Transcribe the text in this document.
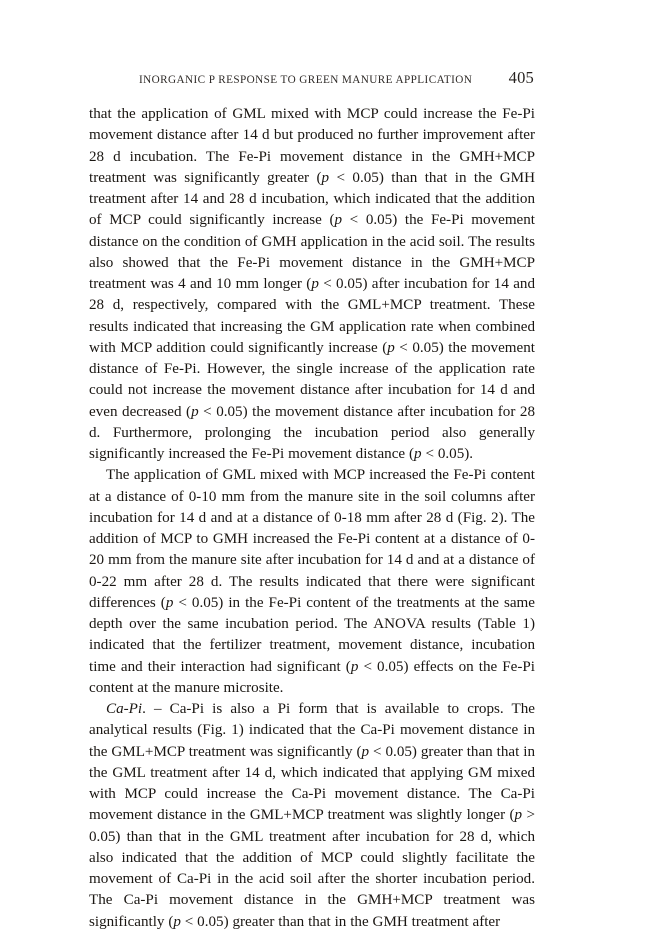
INORGANIC P RESPONSE TO GREEN MANURE APPLICATION 405

that the application of GML mixed with MCP could increase the Fe-Pi movement distance after 14 d but produced no further improvement after 28 d incubation. The Fe-Pi movement distance in the GMH+MCP treatment was significantly greater (p < 0.05) than that in the GMH treatment after 14 and 28 d incubation, which indicated that the addition of MCP could significantly increase (p < 0.05) the Fe-Pi movement distance on the condition of GMH application in the acid soil. The results also showed that the Fe-Pi movement distance in the GMH+MCP treatment was 4 and 10 mm longer (p < 0.05) after incubation for 14 and 28 d, respectively, compared with the GML+MCP treatment. These results indicated that increasing the GM application rate when combined with MCP addition could significantly increase (p < 0.05) the movement distance of Fe-Pi. However, the single increase of the application rate could not increase the movement distance after incubation for 14 d and even decreased (p < 0.05) the movement distance after incubation for 28 d. Furthermore, prolonging the incubation period also generally significantly increased the Fe-Pi movement distance (p < 0.05).

The application of GML mixed with MCP increased the Fe-Pi content at a distance of 0-10 mm from the manure site in the soil columns after incubation for 14 d and at a distance of 0-18 mm after 28 d (Fig. 2). The addition of MCP to GMH increased the Fe-Pi content at a distance of 0-20 mm from the manure site after incubation for 14 d and at a distance of 0-22 mm after 28 d. The results indicated that there were significant differences (p < 0.05) in the Fe-Pi content of the treatments at the same depth over the same incubation period. The ANOVA results (Table 1) indicated that the fertilizer treatment, movement distance, incubation time and their interaction had significant (p < 0.05) effects on the Fe-Pi content at the manure microsite.

Ca-Pi. – Ca-Pi is also a Pi form that is available to crops. The analytical results (Fig. 1) indicated that the Ca-Pi movement distance in the GML+MCP treatment was significantly (p < 0.05) greater than that in the GML treatment after 14 d, which indicated that applying GM mixed with MCP could increase the Ca-Pi movement distance. The Ca-Pi movement distance in the GML+MCP treatment was slightly longer (p > 0.05) than that in the GML treatment after incubation for 28 d, which also indicated that the addition of MCP could slightly facilitate the movement of Ca-Pi in the acid soil after the shorter incubation period. The Ca-Pi movement distance in the GMH+MCP treatment was significantly (p < 0.05) greater than that in the GMH treatment after
